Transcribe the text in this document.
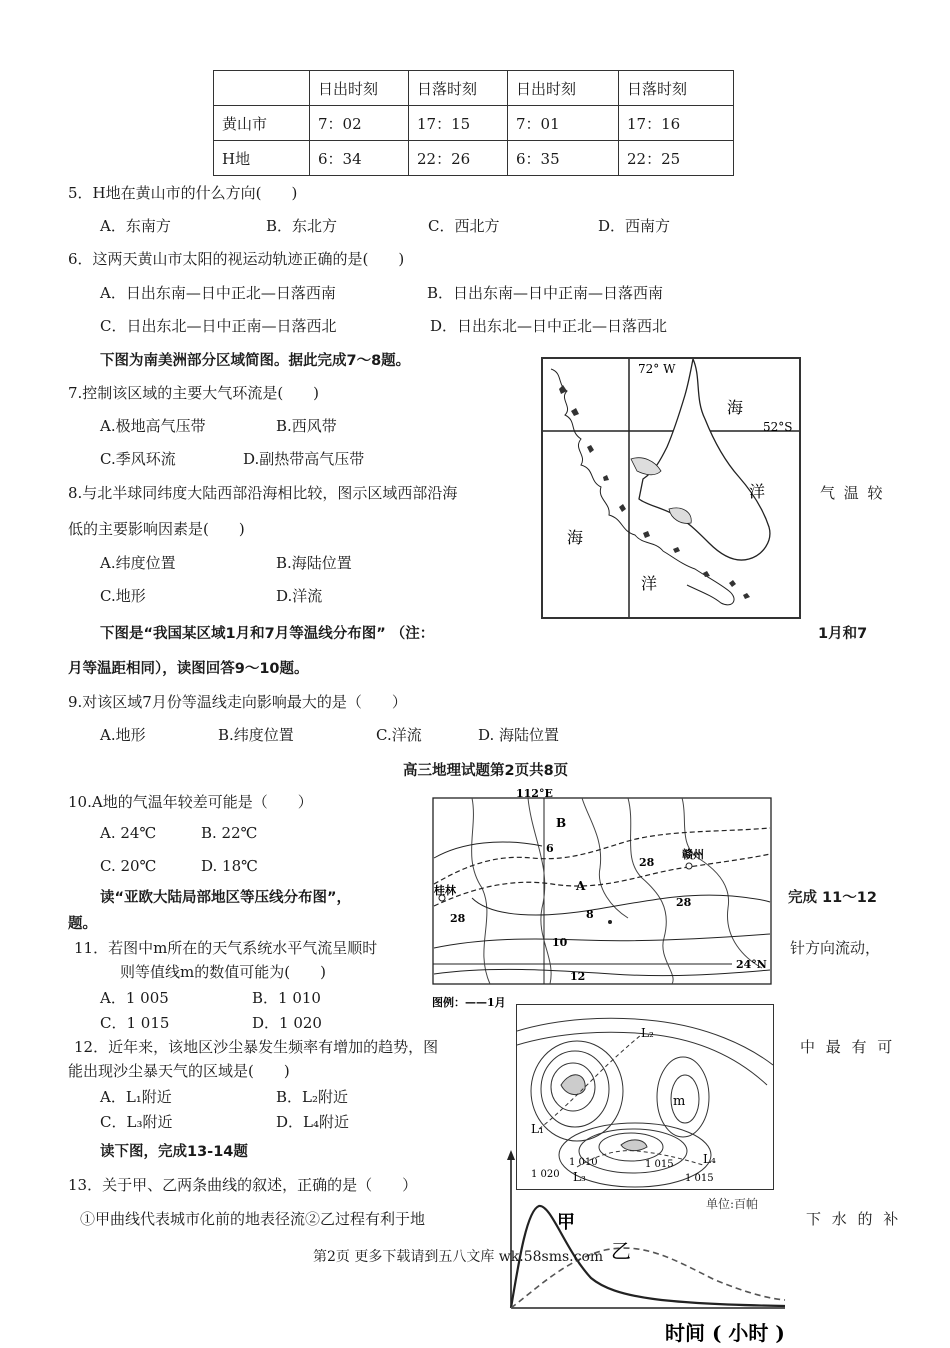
	日出时刻	日落时刻	日出时刻	日落时刻
黄山市	7：02	17：15	7：01	17：16
H地	6：34	22：26	6：35	22：25
5．H地在黄山市的什么方向(　　)
A．东南方	B．东北方	C．西北方	D．西南方
6．这两天黄山市太阳的视运动轨迹正确的是(　　)
A．日出东南—日中正北—日落西南	B．日出东南—日中正南—日落西南
C．日出东北—日中正南—日落西北	D．日出东北—日中正北—日落西北
下图为南美洲部分区域简图。据此完成7～8题。
7.控制该区域的主要大气环流是(　　)
A.极地高气压带	B.西风带
C.季风环流	D.副热带高气压带
8.与北半球同纬度大陆西部沿海相比较，图示区域西部沿海	气 温 较
低的主要影响因素是(　　)
A.纬度位置	B.海陆位置
C.地形	D.洋流
72° W
52°S
海
洋
海
洋
下图是“我国某区域1月和7月等温线分布图” （注：	1月和7
月等温距相同），读图回答9～10题。
9.对该区域7月份等温线走向影响最大的是（　　）
A.地形	B.纬度位置	C.洋流	D. 海陆位置
高三地理试题第2页共8页
10.A地的气温年较差可能是（　　）
A. 24℃	B. 22℃
C. 20℃	D. 18℃
112°E
B
赣州
桂林	A
28
28
28
6
8
10
12
24°N
图例：——1月
读“亚欧大陆局部地区等压线分布图”，	完成 11～12
题。
11．若图中m所在的天气系统水平气流呈顺时	针方向流动，
则等值线m的数值可能为(　　)
A．1 005	B．1 010
C．1 015	D．1 020
L₂
L₁
m
1 010
L₃
L₄
1 015
1 020	1 015
单位:百帕
12．近年来，该地区沙尘暴发生频率有增加的趋势，图	中 最 有 可
能出现沙尘暴天气的区域是(　　)
A．L₁附近	B．L₂附近
C．L₃附近	D．L₄附近
读下图，完成13-14题
13．关于甲、乙两条曲线的叙述，正确的是（　　）
①甲曲线代表城市化前的地表径流②乙过程有利于地	下 水 的 补
甲
乙
时间 ( 小时 )
第2页 更多下载请到五八文库 wk.58sms.com
